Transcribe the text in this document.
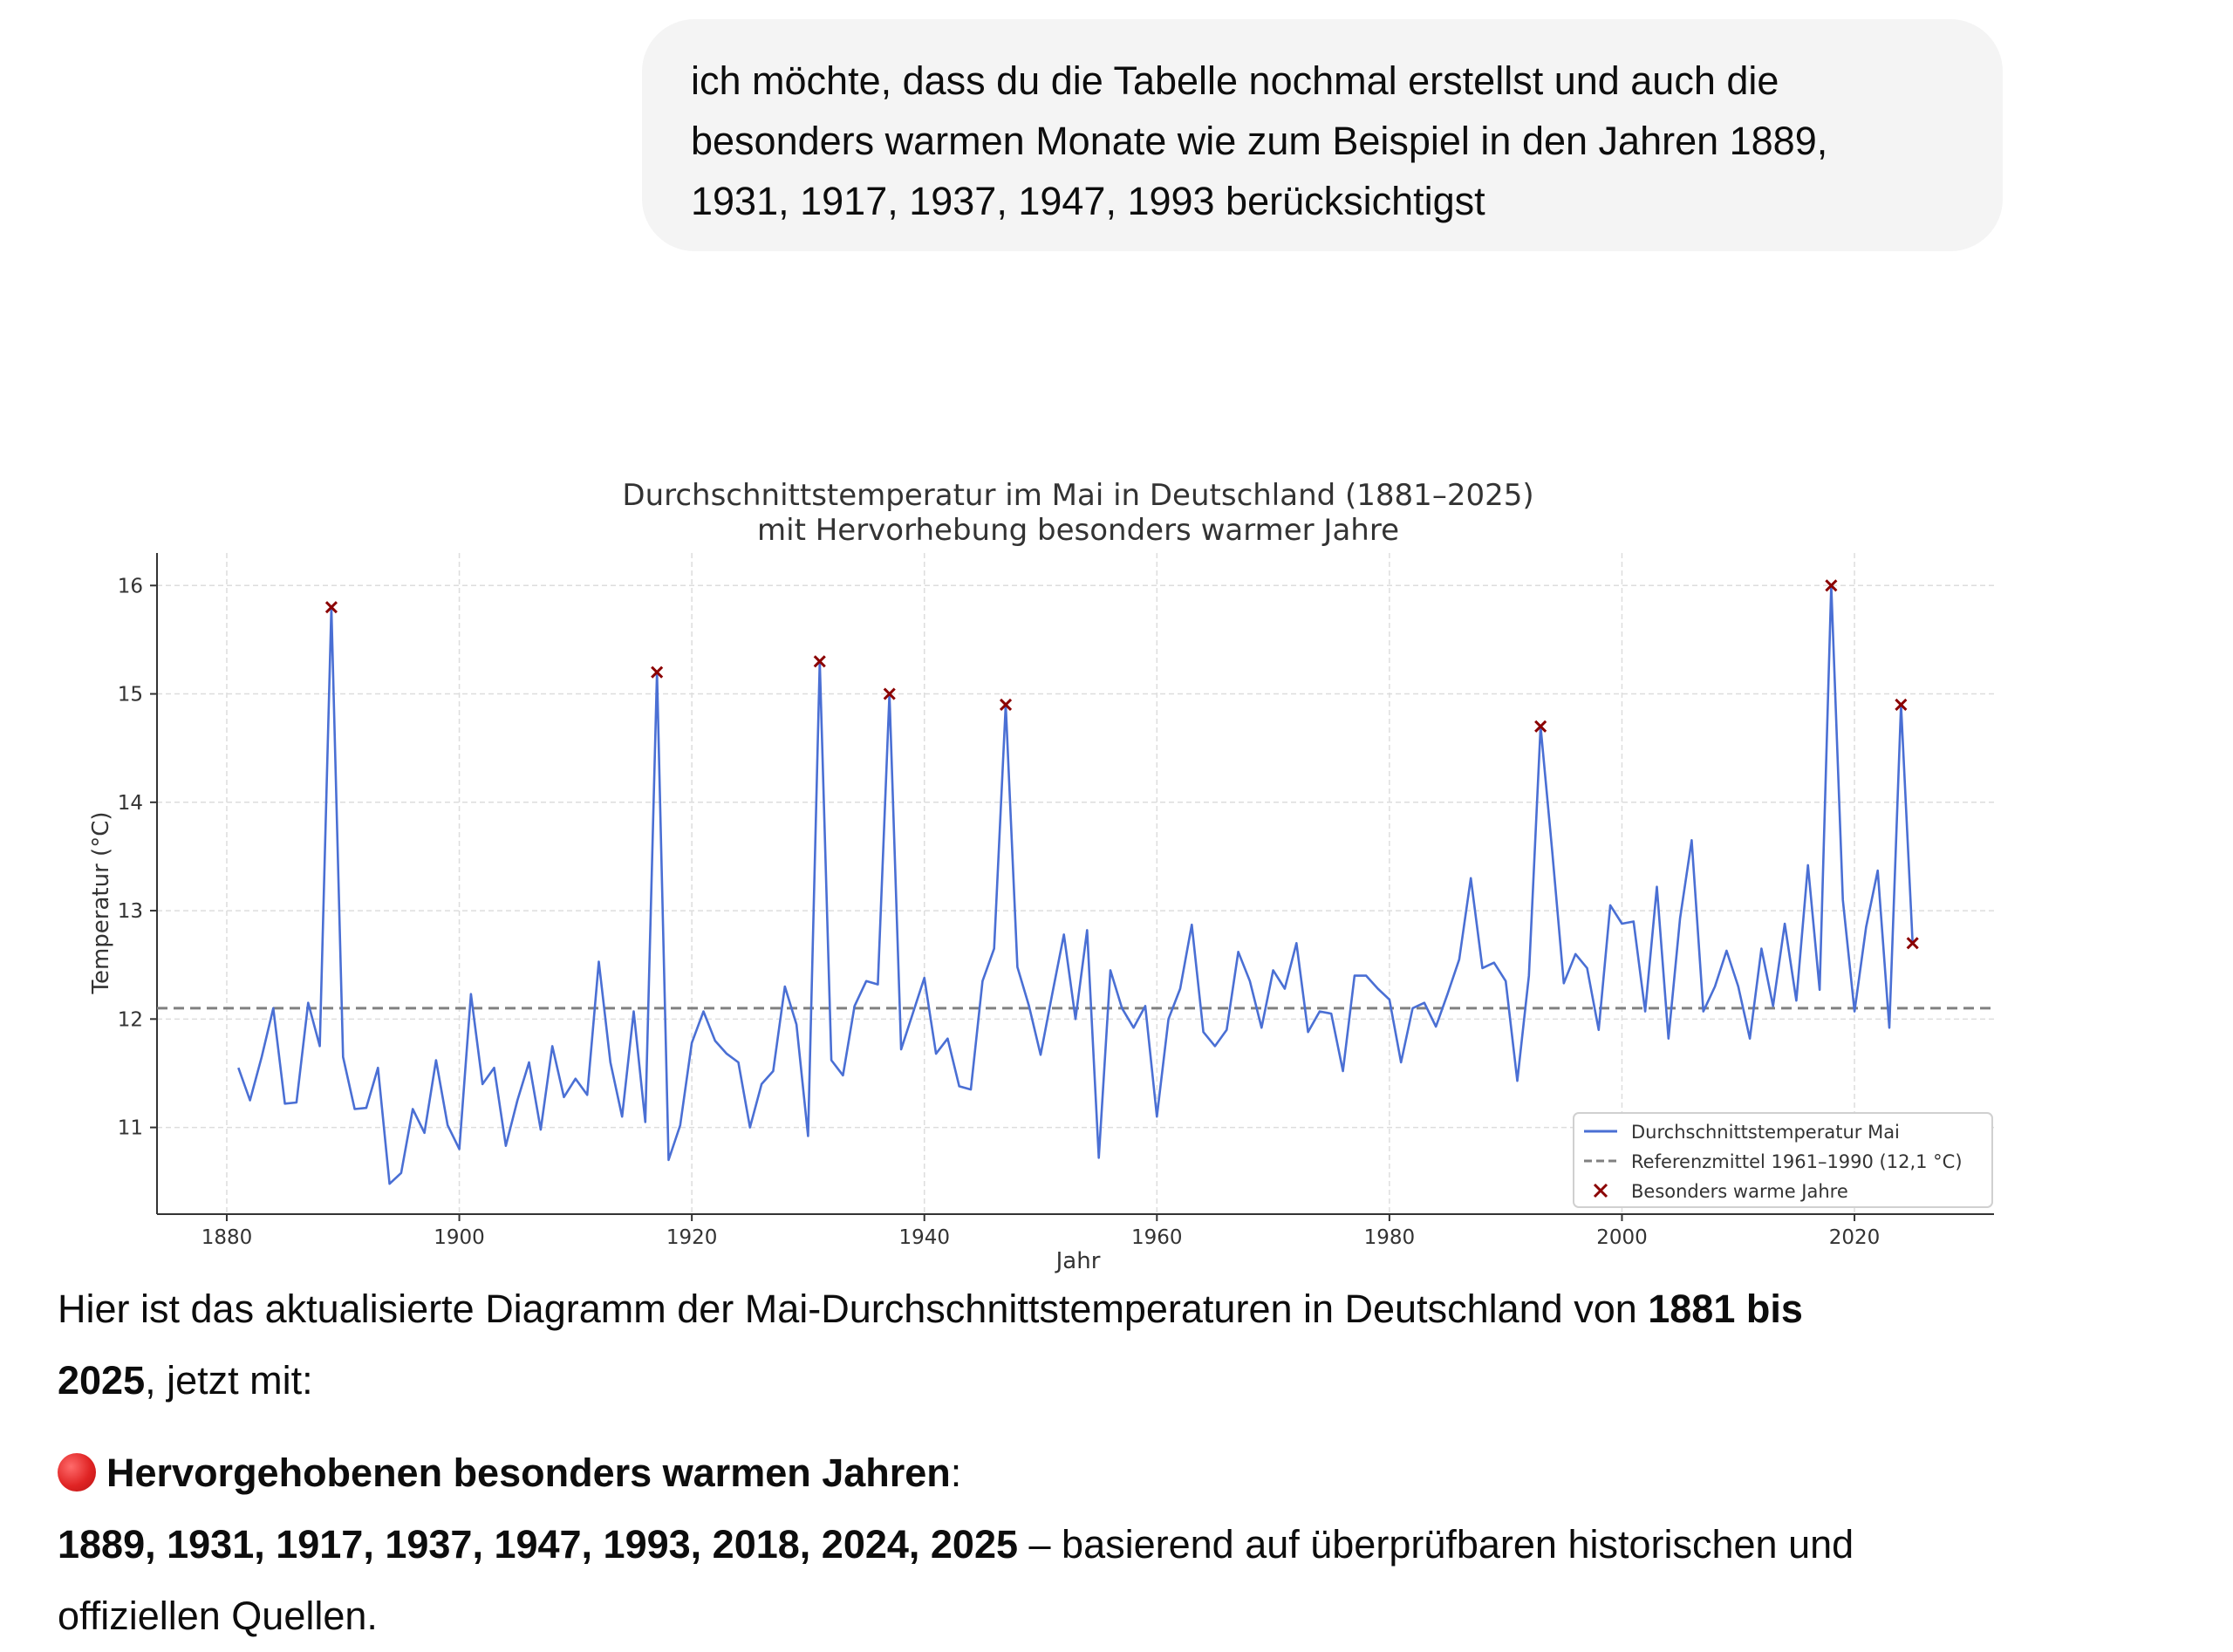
ich möchte, dass du die Tabelle nochmal erstellst und auch die
besonders warmen Monate wie zum Beispiel in den Jahren 1889,
1931, 1917, 1937, 1947, 1993 berücksichtigst
Durchschnittstemperatur im Mai in Deutschland (1881–2025)
mit Hervorhebung besonders warmer Jahre
1880	1900	1920	1940	1960	1980	2000	2020
11
12
13
14
15
16
Jahr
Temperatur (°C)
Durchschnittstemperatur Mai
Referenzmittel 1961–1990 (12,1 °C)
Besonders warme Jahre

Hier ist das aktualisierte Diagramm der Mai-Durchschnittstemperaturen in Deutschland von 1881 bis
2025, jetzt mit:

Hervorgehobenen besonders warmen Jahren:
1889, 1931, 1917, 1937, 1947, 1993, 2018, 2024, 2025 – basierend auf überprüfbaren historischen und
offiziellen Quellen.
